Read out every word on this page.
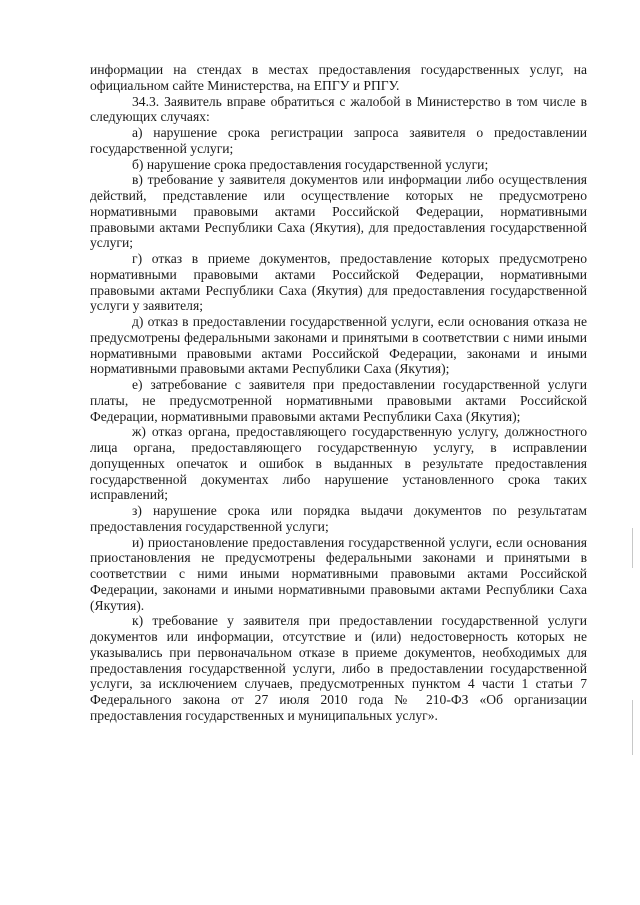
информации на стендах в местах предоставления государственных услуг, на официальном сайте Министерства, на ЕПГУ и РПГУ.

34.3. Заявитель вправе обратиться с жалобой в Министерство в том числе в следующих случаях:

а) нарушение срока регистрации запроса заявителя о предоставлении государственной услуги;

б) нарушение срока предоставления государственной услуги;

в) требование у заявителя документов или информации либо осуществления действий, представление или осуществление которых не предусмотрено нормативными правовыми актами Российской Федерации, нормативными правовыми актами Республики Саха (Якутия), для предоставления государственной услуги;

г) отказ в приеме документов, предоставление которых предусмотрено нормативными правовыми актами Российской Федерации, нормативными правовыми актами Республики Саха (Якутия) для предоставления государственной услуги у заявителя;

д) отказ в предоставлении государственной услуги, если основания отказа не предусмотрены федеральными законами и принятыми в соответствии с ними иными нормативными правовыми актами Российской Федерации, законами и иными нормативными правовыми актами Республики Саха (Якутия);

е) затребование с заявителя при предоставлении государственной услуги платы, не предусмотренной нормативными правовыми актами Российской Федерации, нормативными правовыми актами Республики Саха (Якутия);

ж) отказ органа, предоставляющего государственную услугу, должностного лица органа, предоставляющего государственную услугу, в исправлении допущенных опечаток и ошибок в выданных в результате предоставления государственной документах либо нарушение установленного срока таких исправлений;

з) нарушение срока или порядка выдачи документов по результатам предоставления государственной услуги;

и) приостановление предоставления государственной услуги, если основания приостановления не предусмотрены федеральными законами и принятыми в соответствии с ними иными нормативными правовыми актами Российской Федерации, законами и иными нормативными правовыми актами Республики Саха (Якутия).

к) требование у заявителя при предоставлении государственной услуги документов или информации, отсутствие и (или) недостоверность которых не указывались при первоначальном отказе в приеме документов, необходимых для предоставления государственной услуги, либо в предоставлении государственной услуги, за исключением случаев, предусмотренных пунктом 4 части 1 статьи 7 Федерального закона от 27 июля 2010 года № 210-ФЗ «Об организации предоставления государственных и муниципальных услуг».
